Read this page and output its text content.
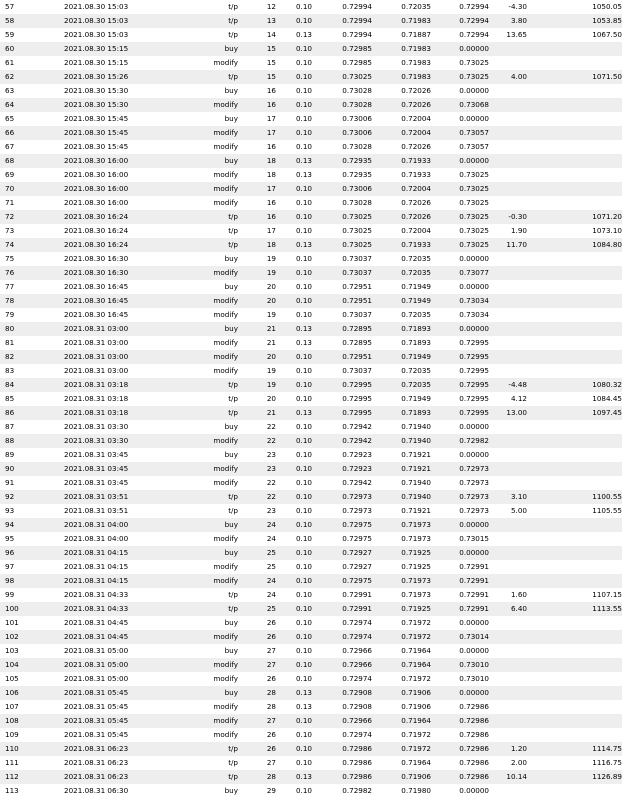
57	2021.08.30 15:03	t/p	12	0.10	0.72994	0.72035	0.72994	-4.30	1050.05
58	2021.08.30 15:03	t/p	13	0.10	0.72994	0.71983	0.72994	3.80	1053.85
59	2021.08.30 15:03	t/p	14	0.13	0.72994	0.71887	0.72994	13.65	1067.50
60	2021.08.30 15:15	buy	15	0.10	0.72985	0.71983	0.00000		
61	2021.08.30 15:15	modify	15	0.10	0.72985	0.71983	0.73025		
62	2021.08.30 15:26	t/p	15	0.10	0.73025	0.71983	0.73025	4.00	1071.50
63	2021.08.30 15:30	buy	16	0.10	0.73028	0.72026	0.00000		
64	2021.08.30 15:30	modify	16	0.10	0.73028	0.72026	0.73068		
65	2021.08.30 15:45	buy	17	0.10	0.73006	0.72004	0.00000		
66	2021.08.30 15:45	modify	17	0.10	0.73006	0.72004	0.73057		
67	2021.08.30 15:45	modify	16	0.10	0.73028	0.72026	0.73057		
68	2021.08.30 16:00	buy	18	0.13	0.72935	0.71933	0.00000		
69	2021.08.30 16:00	modify	18	0.13	0.72935	0.71933	0.73025		
70	2021.08.30 16:00	modify	17	0.10	0.73006	0.72004	0.73025		
71	2021.08.30 16:00	modify	16	0.10	0.73028	0.72026	0.73025		
72	2021.08.30 16:24	t/p	16	0.10	0.73025	0.72026	0.73025	-0.30	1071.20
73	2021.08.30 16:24	t/p	17	0.10	0.73025	0.72004	0.73025	1.90	1073.10
74	2021.08.30 16:24	t/p	18	0.13	0.73025	0.71933	0.73025	11.70	1084.80
75	2021.08.30 16:30	buy	19	0.10	0.73037	0.72035	0.00000		
76	2021.08.30 16:30	modify	19	0.10	0.73037	0.72035	0.73077		
77	2021.08.30 16:45	buy	20	0.10	0.72951	0.71949	0.00000		
78	2021.08.30 16:45	modify	20	0.10	0.72951	0.71949	0.73034		
79	2021.08.30 16:45	modify	19	0.10	0.73037	0.72035	0.73034		
80	2021.08.31 03:00	buy	21	0.13	0.72895	0.71893	0.00000		
81	2021.08.31 03:00	modify	21	0.13	0.72895	0.71893	0.72995		
82	2021.08.31 03:00	modify	20	0.10	0.72951	0.71949	0.72995		
83	2021.08.31 03:00	modify	19	0.10	0.73037	0.72035	0.72995		
84	2021.08.31 03:18	t/p	19	0.10	0.72995	0.72035	0.72995	-4.48	1080.32
85	2021.08.31 03:18	t/p	20	0.10	0.72995	0.71949	0.72995	4.12	1084.45
86	2021.08.31 03:18	t/p	21	0.13	0.72995	0.71893	0.72995	13.00	1097.45
87	2021.08.31 03:30	buy	22	0.10	0.72942	0.71940	0.00000		
88	2021.08.31 03:30	modify	22	0.10	0.72942	0.71940	0.72982		
89	2021.08.31 03:45	buy	23	0.10	0.72923	0.71921	0.00000		
90	2021.08.31 03:45	modify	23	0.10	0.72923	0.71921	0.72973		
91	2021.08.31 03:45	modify	22	0.10	0.72942	0.71940	0.72973		
92	2021.08.31 03:51	t/p	22	0.10	0.72973	0.71940	0.72973	3.10	1100.55
93	2021.08.31 03:51	t/p	23	0.10	0.72973	0.71921	0.72973	5.00	1105.55
94	2021.08.31 04:00	buy	24	0.10	0.72975	0.71973	0.00000		
95	2021.08.31 04:00	modify	24	0.10	0.72975	0.71973	0.73015		
96	2021.08.31 04:15	buy	25	0.10	0.72927	0.71925	0.00000		
97	2021.08.31 04:15	modify	25	0.10	0.72927	0.71925	0.72991		
98	2021.08.31 04:15	modify	24	0.10	0.72975	0.71973	0.72991		
99	2021.08.31 04:33	t/p	24	0.10	0.72991	0.71973	0.72991	1.60	1107.15
100	2021.08.31 04:33	t/p	25	0.10	0.72991	0.71925	0.72991	6.40	1113.55
101	2021.08.31 04:45	buy	26	0.10	0.72974	0.71972	0.00000		
102	2021.08.31 04:45	modify	26	0.10	0.72974	0.71972	0.73014		
103	2021.08.31 05:00	buy	27	0.10	0.72966	0.71964	0.00000		
104	2021.08.31 05:00	modify	27	0.10	0.72966	0.71964	0.73010		
105	2021.08.31 05:00	modify	26	0.10	0.72974	0.71972	0.73010		
106	2021.08.31 05:45	buy	28	0.13	0.72908	0.71906	0.00000		
107	2021.08.31 05:45	modify	28	0.13	0.72908	0.71906	0.72986		
108	2021.08.31 05:45	modify	27	0.10	0.72966	0.71964	0.72986		
109	2021.08.31 05:45	modify	26	0.10	0.72974	0.71972	0.72986		
110	2021.08.31 06:23	t/p	26	0.10	0.72986	0.71972	0.72986	1.20	1114.75
111	2021.08.31 06:23	t/p	27	0.10	0.72986	0.71964	0.72986	2.00	1116.75
112	2021.08.31 06:23	t/p	28	0.13	0.72986	0.71906	0.72986	10.14	1126.89
113	2021.08.31 06:30	buy	29	0.10	0.72982	0.71980	0.00000		
